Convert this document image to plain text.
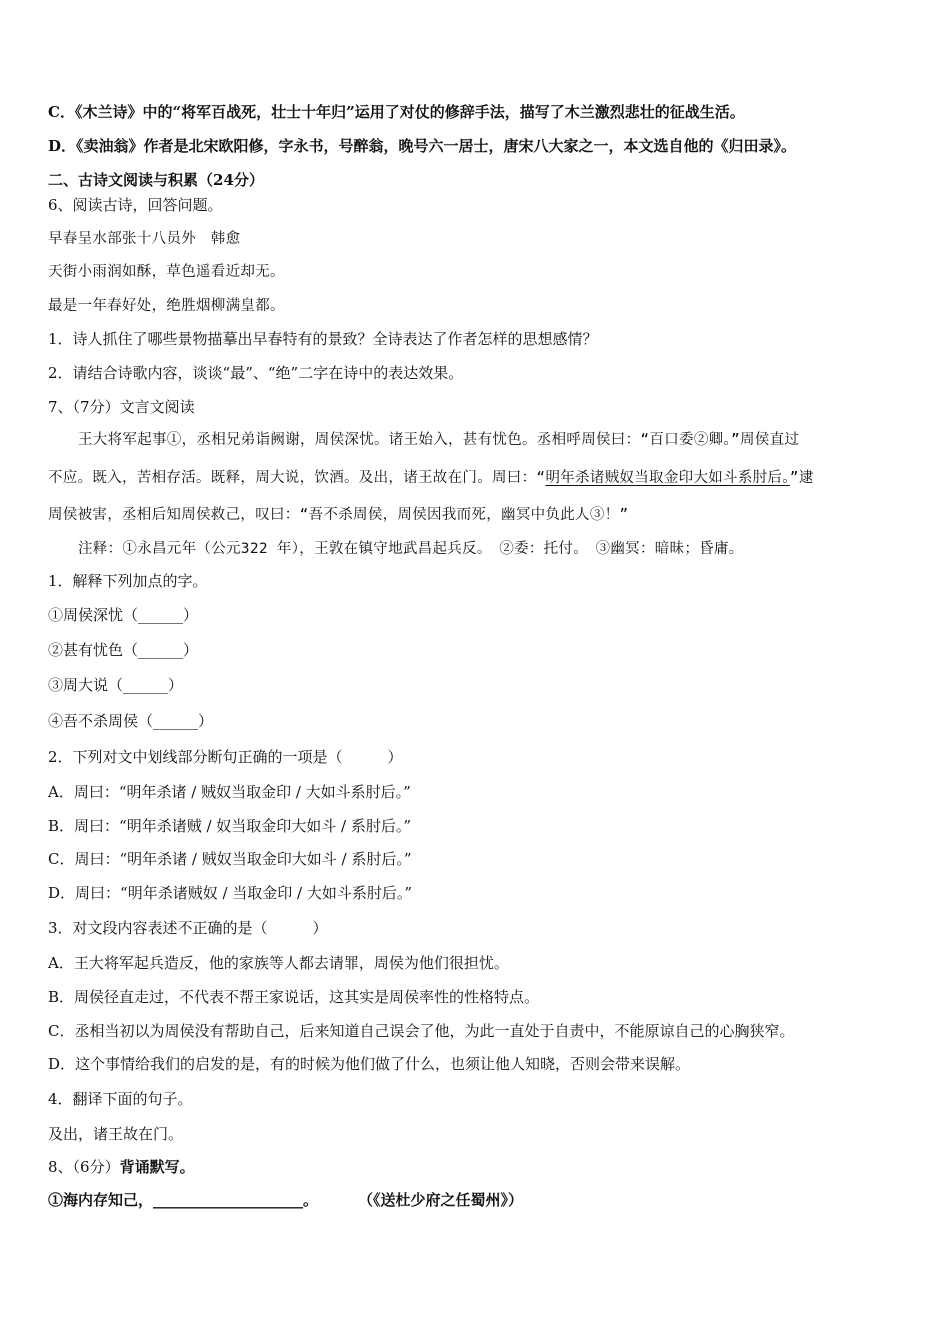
C．《木兰诗》中的“将军百战死，壮士十年归”运用了对仗的修辞手法，描写了木兰激烈悲壮的征战生活。
D．《卖油翁》作者是北宋欧阳修，字永书，号醉翁，晚号六一居士，唐宋八大家之一，本文选自他的《归田录》。
二、古诗文阅读与积累（24分）
6、阅读古诗，回答问题。
早春呈水部张十八员外　韩愈
天街小雨润如酥，草色遥看近却无。
最是一年春好处，绝胜烟柳满皇都。
1．诗人抓住了哪些景物描摹出早春特有的景致？全诗表达了作者怎样的思想感情？
2．请结合诗歌内容，谈谈“最”、“绝”二字在诗中的表达效果。
7、（7分）文言文阅读
王大将军起事①，丞相兄弟诣阙谢，周侯深忧。诸王始入，甚有忧色。丞相呼周侯曰：“百口委②卿。”周侯直过
不应。既入，苦相存活。既释，周大说，饮酒。及出，诸王故在门。周曰：“明年杀诸贼奴当取金印大如斗系肘后。”逮
周侯被害，丞相后知周侯救己，叹曰：“吾不杀周侯，周侯因我而死，幽冥中负此人③！”
注释：①永昌元年（公元322 年），王敦在镇守地武昌起兵反。　②委：托付。　③幽冥：暗昧；昏庸。
1．解释下列加点的字。
①周侯深忧（______）
②甚有忧色（______）
③周大说（______）
④吾不杀周侯（______）
2．下列对文中划线部分断句正确的一项是（　　　）
A．周曰：“明年杀诸 / 贼奴当取金印 / 大如斗系肘后。”
B．周曰：“明年杀诸贼 / 奴当取金印大如斗 / 系肘后。”
C．周曰：“明年杀诸 / 贼奴当取金印大如斗 / 系肘后。”
D．周曰：“明年杀诸贼奴 / 当取金印 / 大如斗系肘后。”
3．对文段内容表述不正确的是（　　　）
A．王大将军起兵造反，他的家族等人都去请罪，周侯为他们很担忧。
B．周侯径直走过，不代表不帮王家说话，这其实是周侯率性的性格特点。
C．丞相当初以为周侯没有帮助自己，后来知道自己误会了他，为此一直处于自责中，不能原谅自己的心胸狭窄。
D．这个事情给我们的启发的是，有的时候为他们做了什么，也须让他人知晓，否则会带来误解。
4．翻译下面的句子。
及出，诸王故在门。
8、（6分）背诵默写。
①海内存知己，____________________。	（《送杜少府之任蜀州》）
